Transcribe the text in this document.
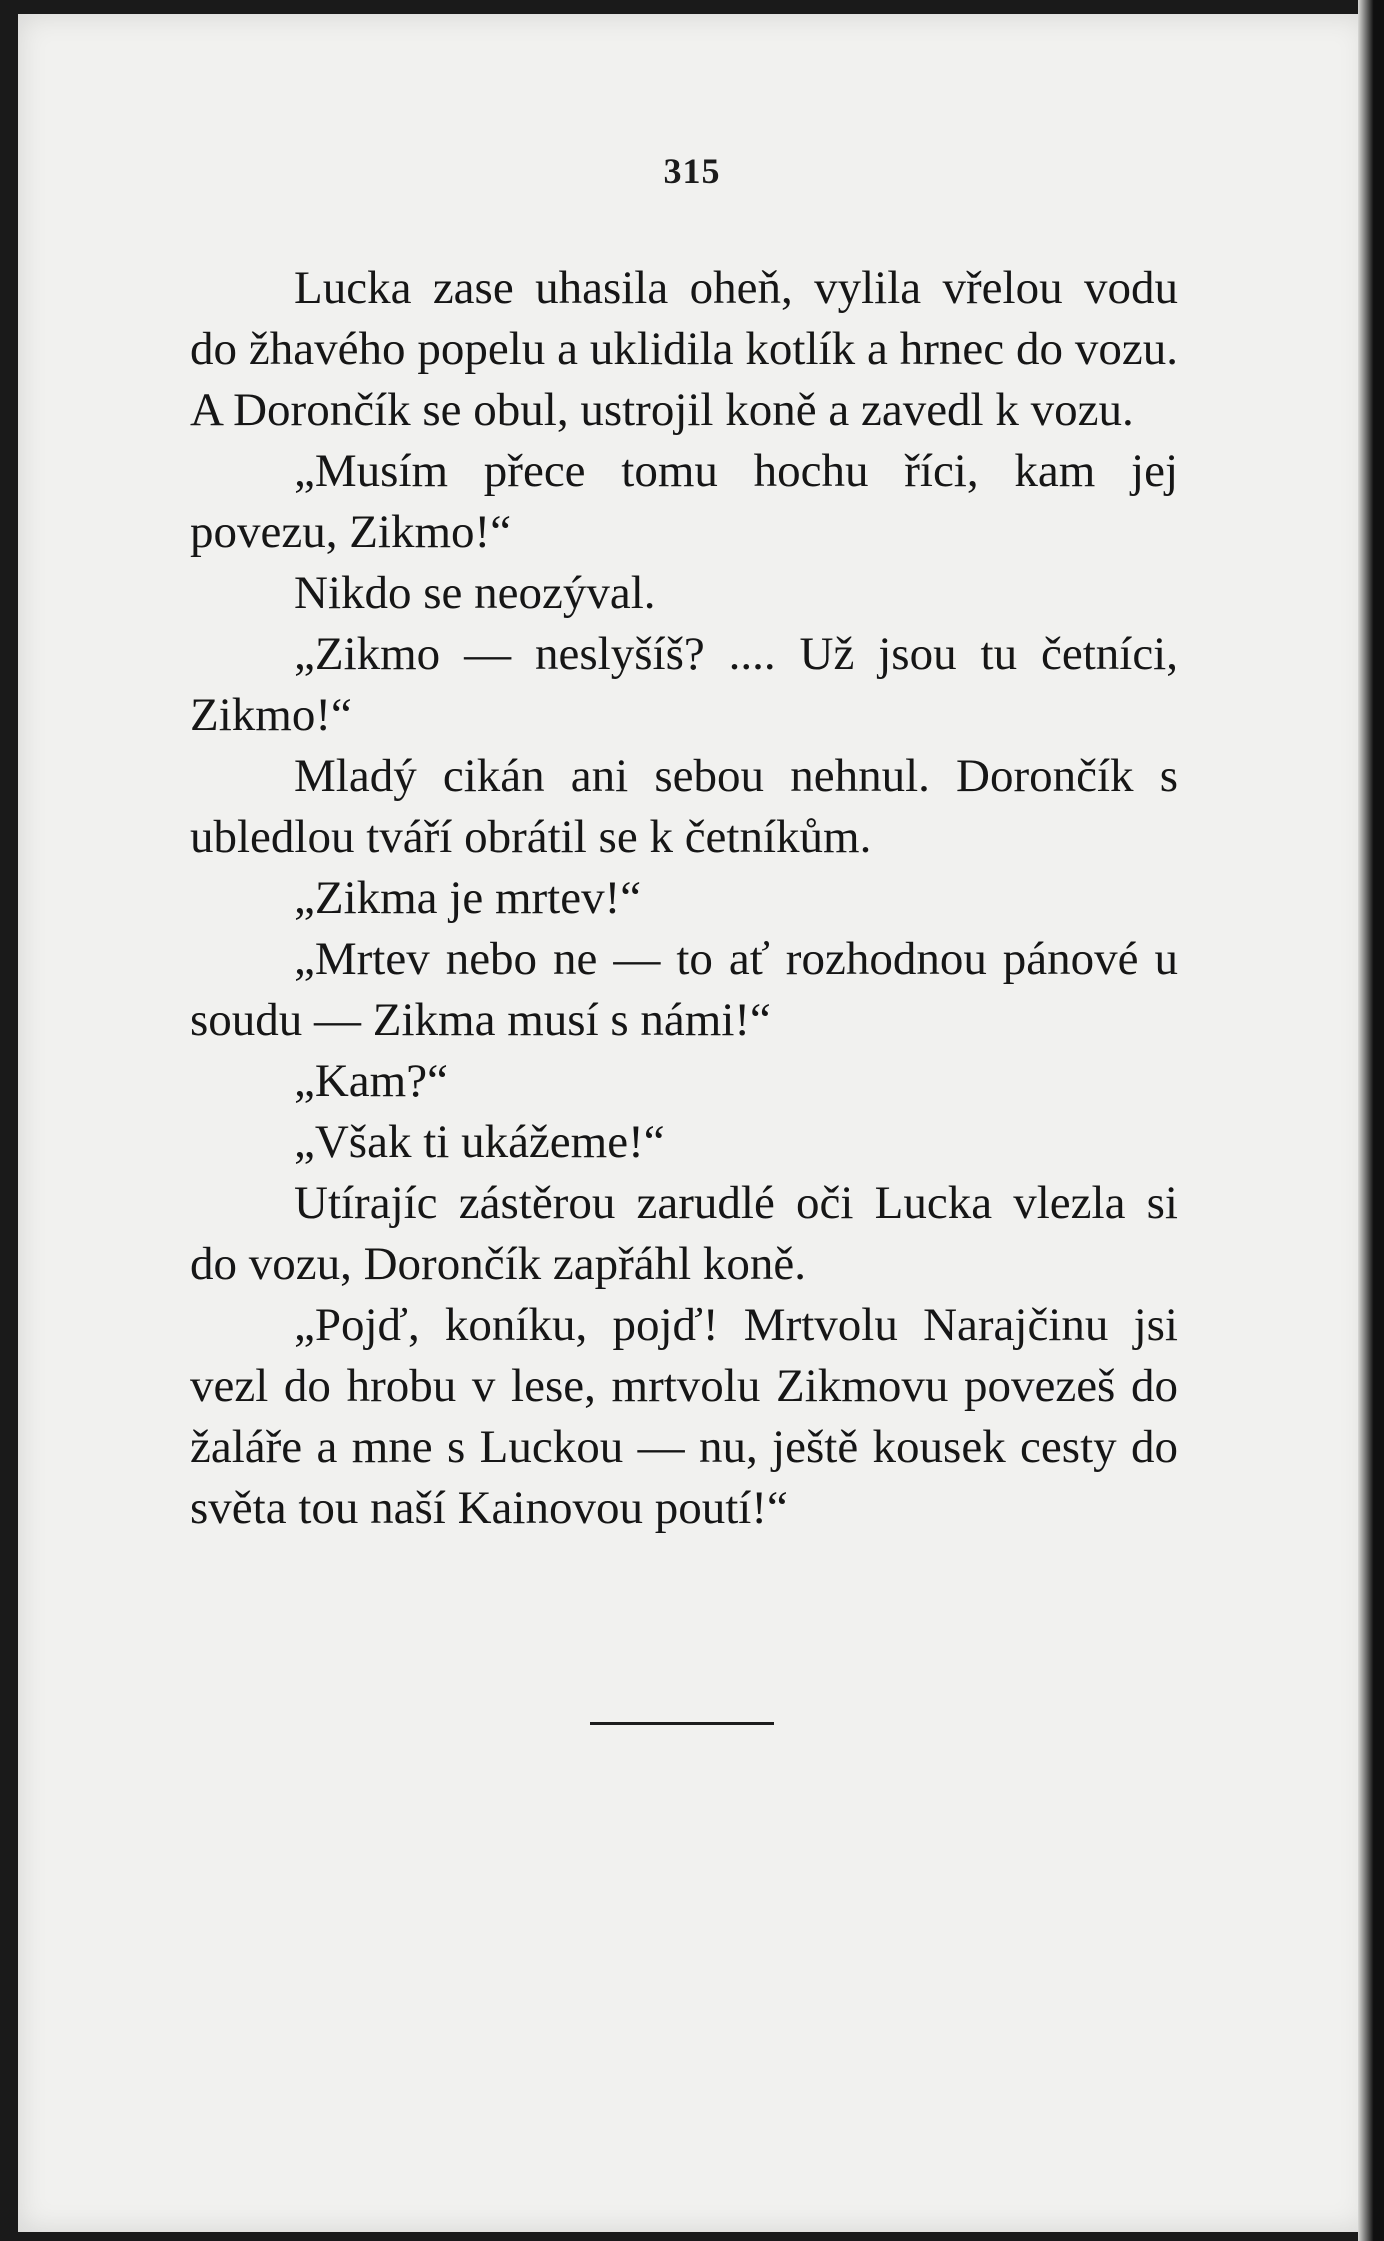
315

Lucka zase uhasila oheň, vylila vřelou vodu do žhavého popelu a uklidila kotlík a hrnec do vozu. A Dorončík se obul, ustrojil koně a zavedl k vozu.

„Musím přece tomu hochu říci, kam jej povezu, Zikmo!“

Nikdo se neozýval.

„Zikmo — neslyšíš? .... Už jsou tu četníci, Zikmo!“

Mladý cikán ani sebou nehnul. Dorončík s ubledlou tváří obrátil se k četníkům.

„Zikma je mrtev!“

„Mrtev nebo ne — to ať rozhodnou pánové u soudu — Zikma musí s námi!“

„Kam?“

„Však ti ukážeme!“

Utírajíc zástěrou zarudlé oči Lucka vlezla si do vozu, Dorončík zapřáhl koně.

„Pojď, koníku, pojď! Mrtvolu Narajčinu jsi vezl do hrobu v lese, mrtvolu Zikmovu povezeš do žaláře a mne s Luckou — nu, ještě kousek cesty do světa tou naší Kainovou poutí!“
